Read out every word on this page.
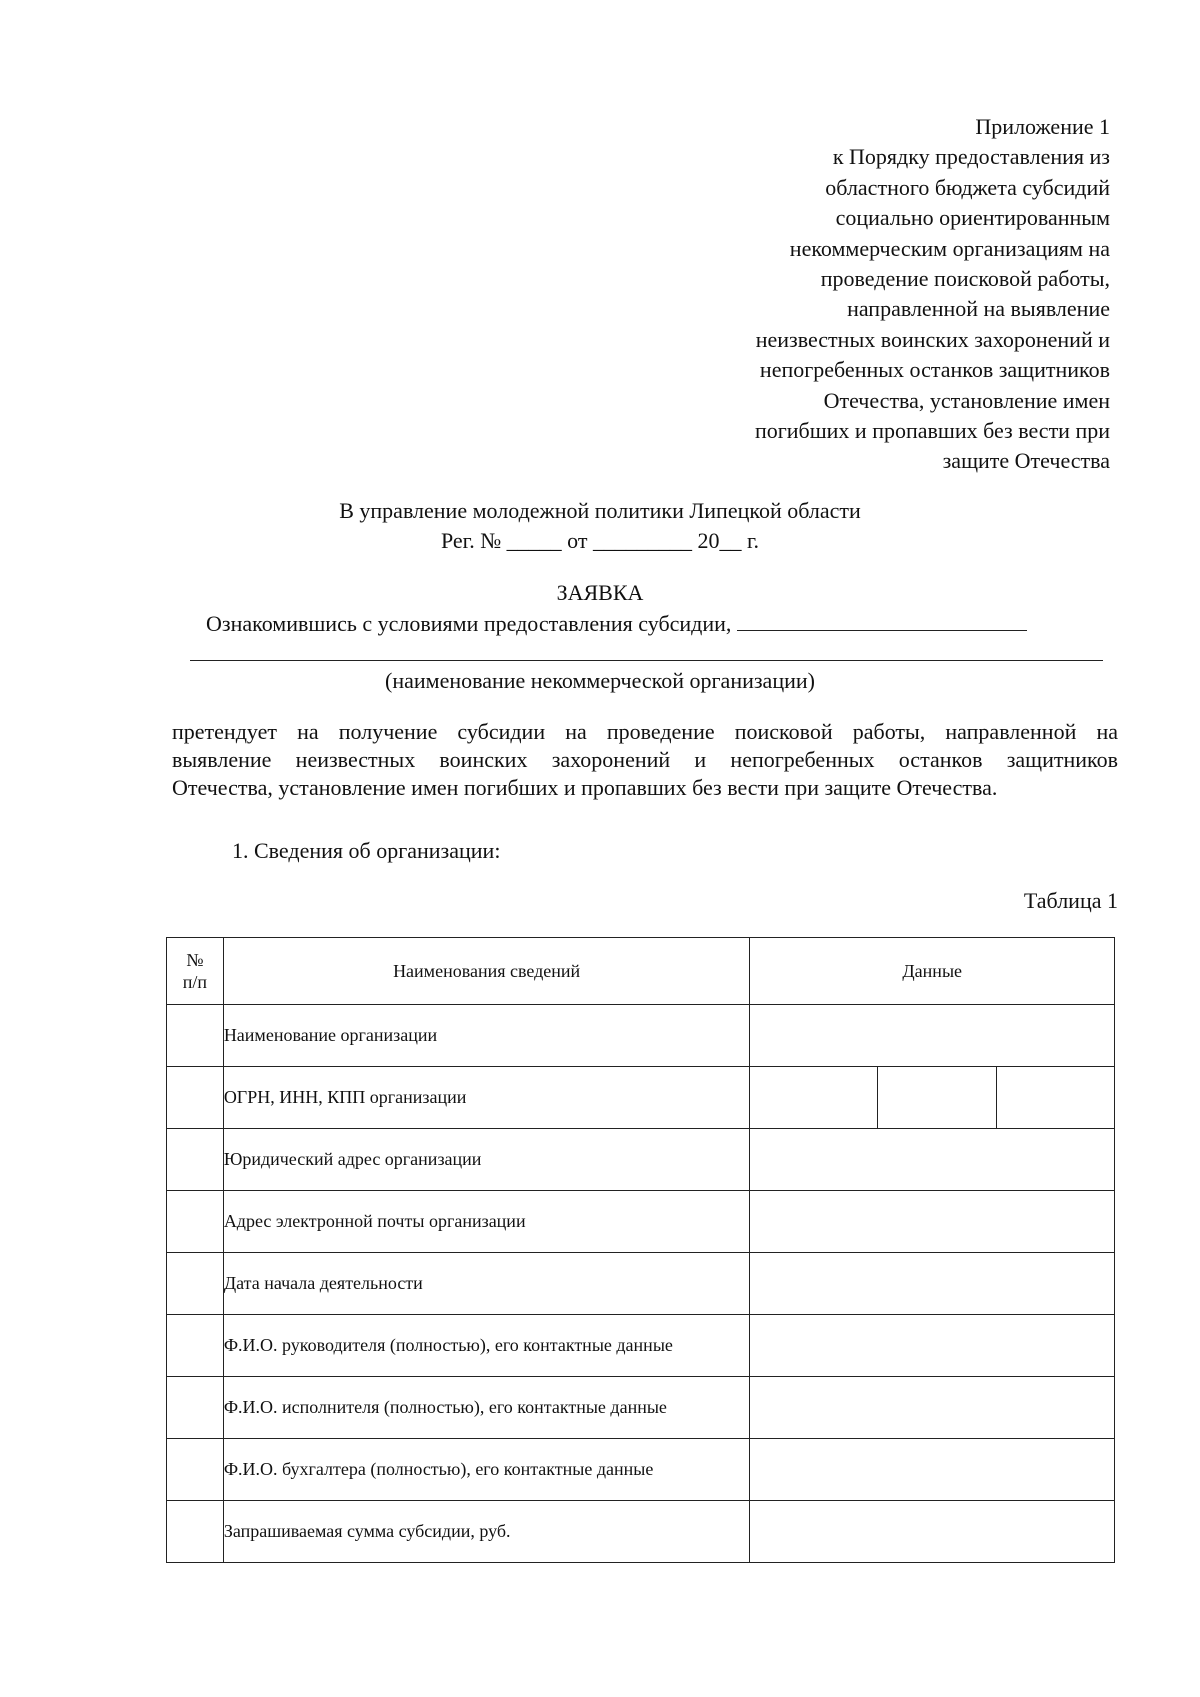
Приложение 1
к Порядку предоставления из
областного бюджета субсидий
социально ориентированным
некоммерческим организациям на
проведение поисковой работы,
направленной на выявление
неизвестных воинских захоронений и
непогребенных останков защитников
Отечества, установление имен
погибших и пропавших без вести при
защите Отечества
В управление молодежной политики Липецкой области
Рег. № _____ от _________ 20__ г.
ЗАЯВКА
Ознакомившись с условиями предоставления субсидии,
(наименование некоммерческой организации)
претендует на получение субсидии на проведение поисковой работы, направленной на
выявление неизвестных воинских захоронений и непогребенных останков защитников
Отечества, установление имен погибших и пропавших без вести при защите Отечества.
1. Сведения об организации:
Таблица 1
№
п/п	Наименования сведений	Данные
	Наименование организации	
	ОГРН, ИНН, КПП организации	

	Юридический адрес организации	
	Адрес электронной почты организации	
	Дата начала деятельности	
	Ф.И.О. руководителя (полностью), его контактные данные	
	Ф.И.О. исполнителя (полностью), его контактные данные	
	Ф.И.О. бухгалтера (полностью), его контактные данные	
	Запрашиваемая сумма субсидии, руб.	
